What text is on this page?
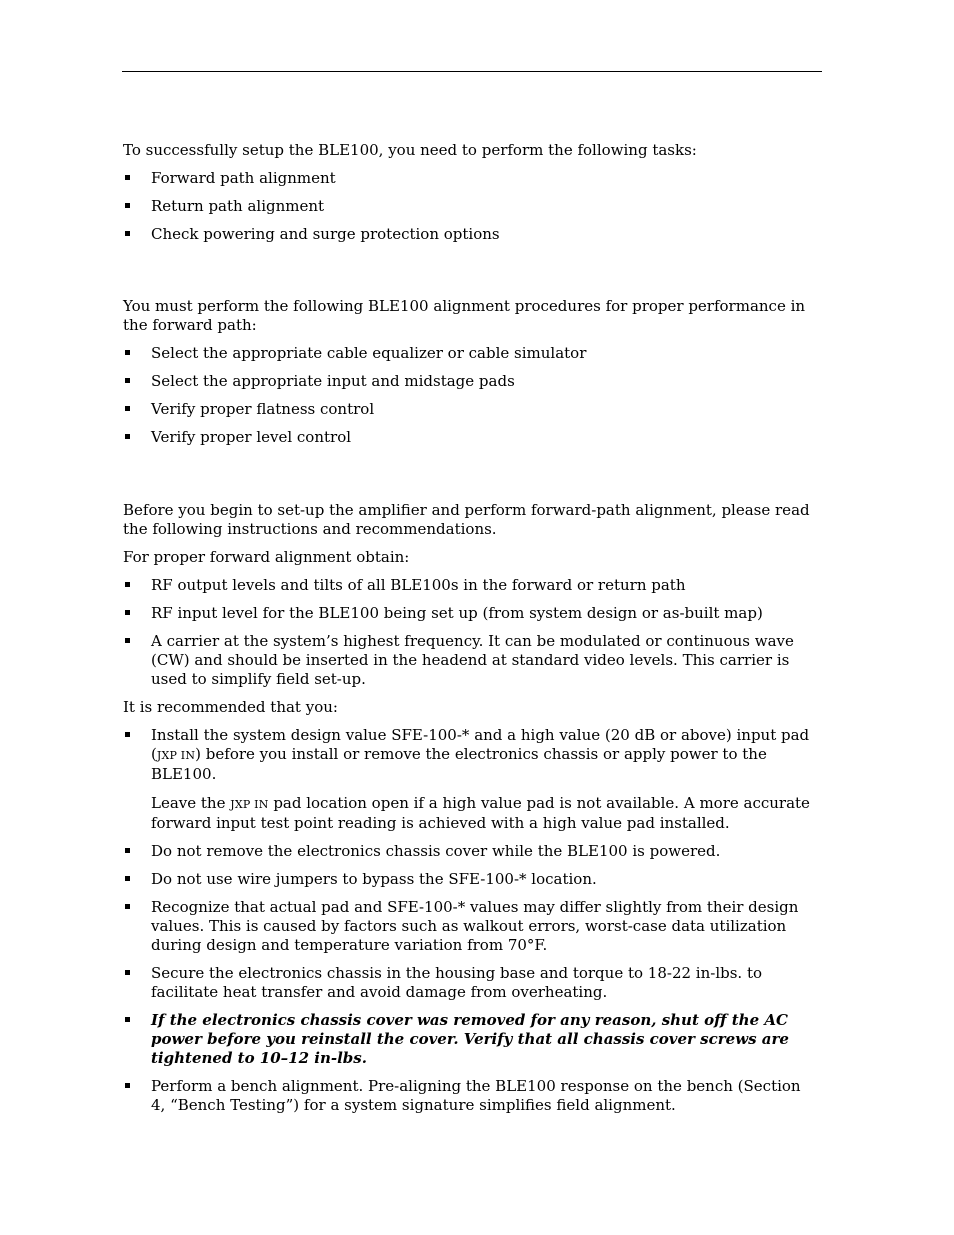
To successfully setup the BLE100, you need to perform the following tasks:

Forward path alignment
Return path alignment
Check powering and surge protection options

You must perform the following BLE100 alignment procedures for proper performance in the forward path:

Select the appropriate cable equalizer or cable simulator
Select the appropriate input and midstage pads
Verify proper flatness control
Verify proper level control

Before you begin to set-up the amplifier and perform forward-path alignment, please read the following instructions and recommendations.

For proper forward alignment obtain:

RF output levels and tilts of all BLE100s in the forward or return path
RF input level for the BLE100 being set up (from system design or as-built map)
A carrier at the system’s highest frequency. It can be modulated or continuous wave (CW) and should be inserted in the headend at standard video levels. This carrier is used to simplify field set-up.

It is recommended that you:

Install the system design value SFE-100-* and a high value (20 dB or above) input pad (JXP IN) before you install or remove the electronics chassis or apply power to the BLE100.

Leave the JXP IN pad location open if a high value pad is not available. A more accurate forward input test point reading is achieved with a high value pad installed.

Do not remove the electronics chassis cover while the BLE100 is powered.
Do not use wire jumpers to bypass the SFE-100-* location.
Recognize that actual pad and SFE-100-* values may differ slightly from their design values. This is caused by factors such as walkout errors, worst-case data utilization during design and temperature variation from 70°F.
Secure the electronics chassis in the housing base and torque to 18-22 in-lbs. to facilitate heat transfer and avoid damage from overheating.
If the electronics chassis cover was removed for any reason, shut off the AC power before you reinstall the cover. Verify that all chassis cover screws are tightened to 10–12 in-lbs.
Perform a bench alignment. Pre-aligning the BLE100 response on the bench (Section 4, “Bench Testing”) for a system signature simplifies field alignment.
